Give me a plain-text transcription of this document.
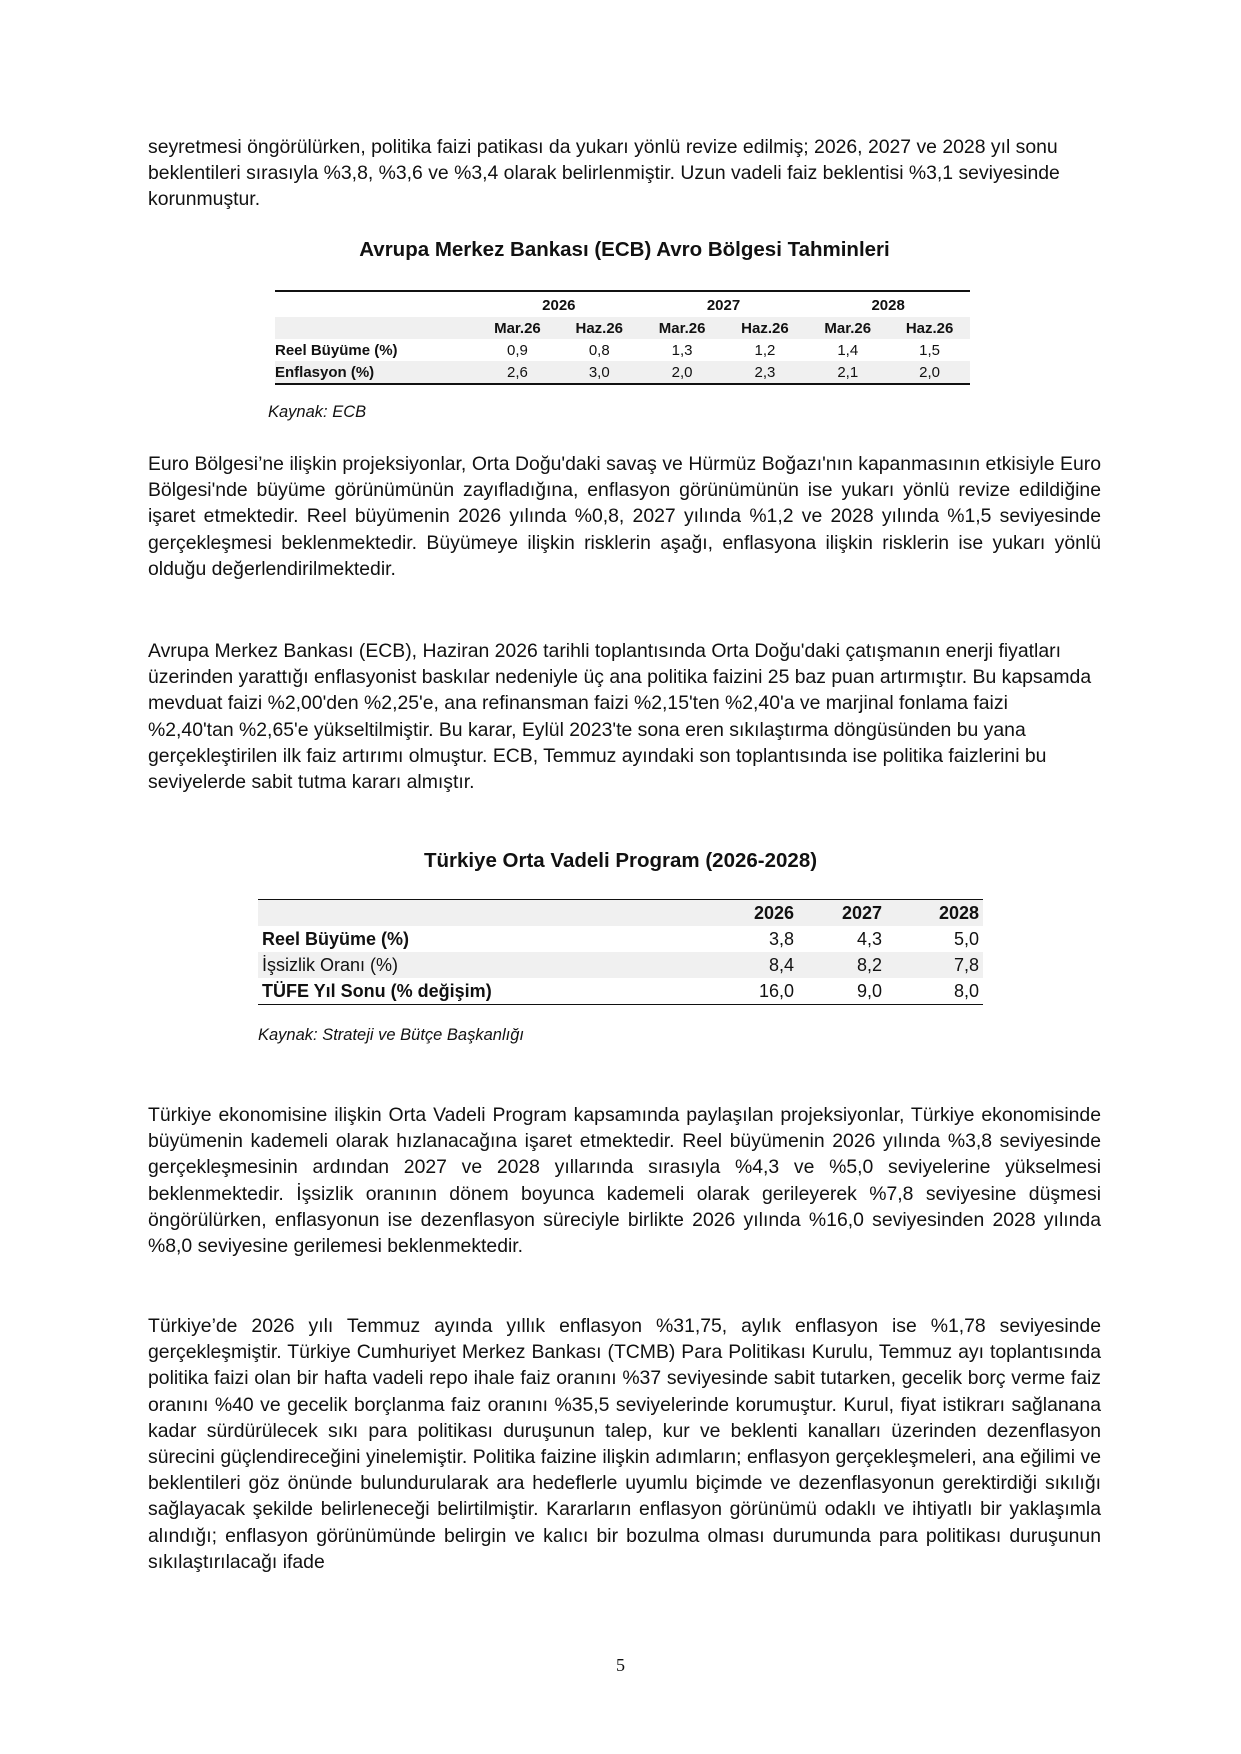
seyretmesi öngörülürken, politika faizi patikası da yukarı yönlü revize edilmiş; 2026, 2027 ve 2028 yıl sonu beklentileri sırasıyla %3,8, %3,6 ve %3,4 olarak belirlenmiştir. Uzun vadeli faiz beklentisi %3,1 seviyesinde korunmuştur.

Avrupa Merkez Bankası (ECB) Avro Bölgesi Tahminleri
	2026		2027		2028	
	Mar.26	Haz.26	Mar.26	Haz.26	Mar.26	Haz.26
Reel Büyüme (%)	0,9	0,8	1,3	1,2	1,4	1,5
Enflasyon (%)	2,6	3,0	2,0	2,3	2,1	2,0
Kaynak: ECB

Euro Bölgesi’ne ilişkin projeksiyonlar, Orta Doğu'daki savaş ve Hürmüz Boğazı'nın kapanmasının etkisiyle Euro Bölgesi'nde büyüme görünümünün zayıfladığına, enflasyon görünümünün ise yukarı yönlü revize edildiğine işaret etmektedir. Reel büyümenin 2026 yılında %0,8, 2027 yılında %1,2 ve 2028 yılında %1,5 seviyesinde gerçekleşmesi beklenmektedir. Büyümeye ilişkin risklerin aşağı, enflasyona ilişkin risklerin ise yukarı yönlü olduğu değerlendirilmektedir.

Avrupa Merkez Bankası (ECB), Haziran 2026 tarihli toplantısında Orta Doğu'daki çatışmanın enerji fiyatları üzerinden yarattığı enflasyonist baskılar nedeniyle üç ana politika faizini 25 baz puan artırmıştır. Bu kapsamda mevduat faizi %2,00'den %2,25'e, ana refinansman faizi %2,15'ten %2,40'a ve marjinal fonlama faizi %2,40'tan %2,65'e yükseltilmiştir. Bu karar, Eylül 2023'te sona eren sıkılaştırma döngüsünden bu yana gerçekleştirilen ilk faiz artırımı olmuştur. ECB, Temmuz ayındaki son toplantısında ise politika faizlerini bu seviyelerde sabit tutma kararı almıştır.

Türkiye Orta Vadeli Program (2026-2028)
	2026	2027	2028
Reel Büyüme (%)	3,8	4,3	5,0
İşsizlik Oranı (%)	8,4	8,2	7,8
TÜFE Yıl Sonu (% değişim)	16,0	9,0	8,0
Kaynak: Strateji ve Bütçe Başkanlığı

Türkiye ekonomisine ilişkin Orta Vadeli Program kapsamında paylaşılan projeksiyonlar, Türkiye ekonomisinde büyümenin kademeli olarak hızlanacağına işaret etmektedir. Reel büyümenin 2026 yılında %3,8 seviyesinde gerçekleşmesinin ardından 2027 ve 2028 yıllarında sırasıyla %4,3 ve %5,0 seviyelerine yükselmesi beklenmektedir. İşsizlik oranının dönem boyunca kademeli olarak gerileyerek %7,8 seviyesine düşmesi öngörülürken, enflasyonun ise dezenflasyon süreciyle birlikte 2026 yılında %16,0 seviyesinden 2028 yılında %8,0 seviyesine gerilemesi beklenmektedir.

Türkiye’de 2026 yılı Temmuz ayında yıllık enflasyon %31,75, aylık enflasyon ise %1,78 seviyesinde gerçekleşmiştir. Türkiye Cumhuriyet Merkez Bankası (TCMB) Para Politikası Kurulu, Temmuz ayı toplantısında politika faizi olan bir hafta vadeli repo ihale faiz oranını %37 seviyesinde sabit tutarken, gecelik borç verme faiz oranını %40 ve gecelik borçlanma faiz oranını %35,5 seviyelerinde korumuştur. Kurul, fiyat istikrarı sağlanana kadar sürdürülecek sıkı para politikası duruşunun talep, kur ve beklenti kanalları üzerinden dezenflasyon sürecini güçlendireceğini yinelemiştir. Politika faizine ilişkin adımların; enflasyon gerçekleşmeleri, ana eğilimi ve beklentileri göz önünde bulundurularak ara hedeflerle uyumlu biçimde ve dezenflasyonun gerektirdiği sıkılığı sağlayacak şekilde belirleneceği belirtilmiştir. Kararların enflasyon görünümü odaklı ve ihtiyatlı bir yaklaşımla alındığı; enflasyon görünümünde belirgin ve kalıcı bir bozulma olması durumunda para politikası duruşunun sıkılaştırılacağı ifade

5
